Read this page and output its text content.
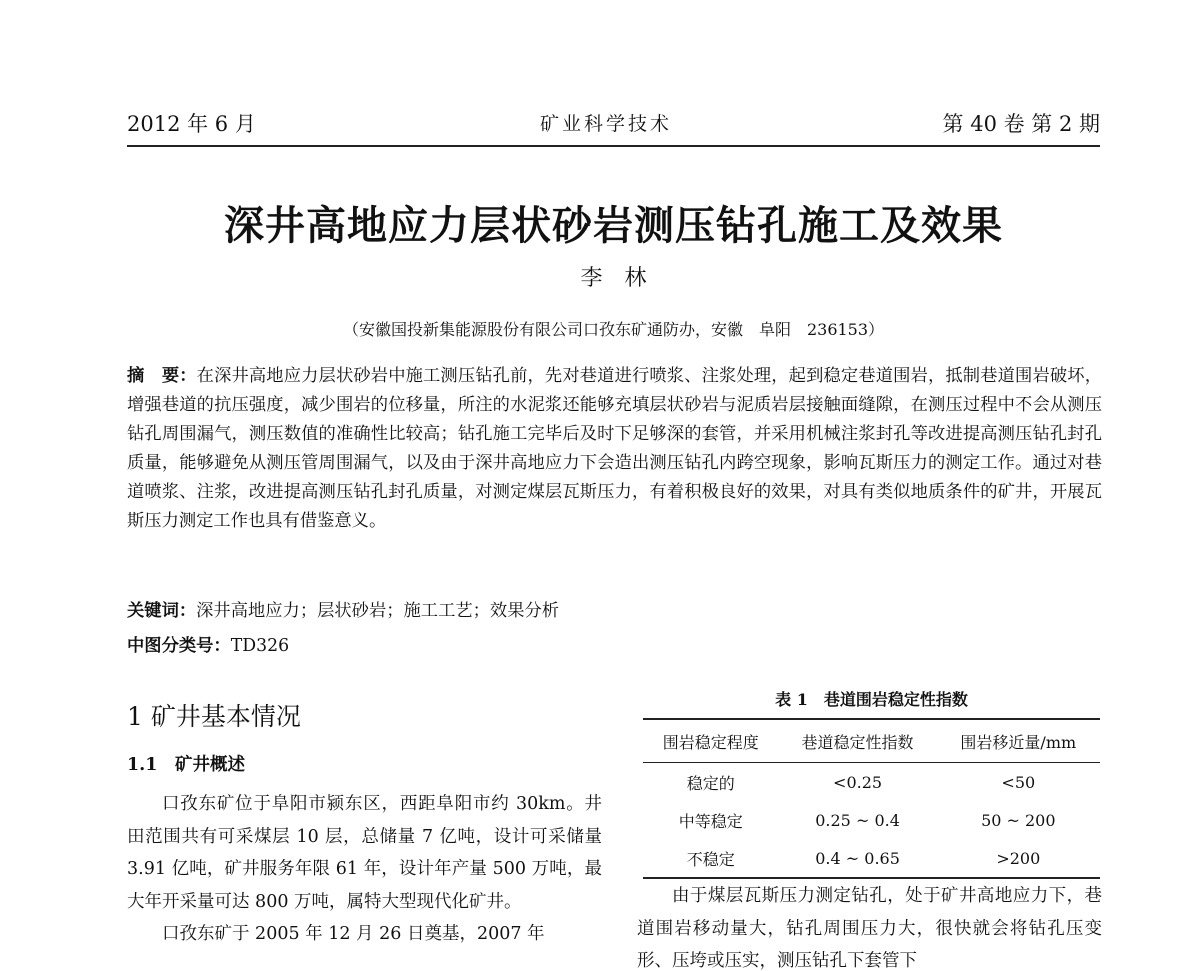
2012 年 6 月	矿业科学技术	第 40 卷 第 2 期
深井高地应力层状砂岩测压钻孔施工及效果
李　林
（安徽国投新集能源股份有限公司口孜东矿通防办，安徽　阜阳　236153）
摘　要：在深井高地应力层状砂岩中施工测压钻孔前，先对巷道进行喷浆、注浆处理，起到稳定巷道围岩，抵制巷道围岩破坏，增强巷道的抗压强度，减少围岩的位移量，所注的水泥浆还能够充填层状砂岩与泥质岩层接触面缝隙，在测压过程中不会从测压钻孔周围漏气，测压数值的准确性比较高；钻孔施工完毕后及时下足够深的套管，并采用机械注浆封孔等改进提高测压钻孔封孔质量，能够避免从测压管周围漏气，以及由于深井高地应力下会造出测压钻孔内跨空现象，影响瓦斯压力的测定工作。通过对巷道喷浆、注浆，改进提高测压钻孔封孔质量，对测定煤层瓦斯压力，有着积极良好的效果，对具有类似地质条件的矿井，开展瓦斯压力测定工作也具有借鉴意义。
关键词：深井高地应力；层状砂岩；施工工艺；效果分析
中图分类号：TD326
1 矿井基本情况
1.1　矿井概述

口孜东矿位于阜阳市颍东区，西距阜阳市约 30km。井田范围共有可采煤层 10 层，总储量 7 亿吨，设计可采储量 3.91 亿吨，矿井服务年限 61 年，设计年产量 500 万吨，最大年开采量可达 800 万吨，属特大型现代化矿井。

口孜东矿于 2005 年 12 月 26 日奠基，2007 年

表 1　巷道围岩稳定性指数
围岩稳定程度	巷道稳定性指数	围岩移近量/mm
稳定的	<0.25	<50
中等稳定	0.25 ~ 0.4	50 ~ 200
不稳定	0.4 ~ 0.65	>200

由于煤层瓦斯压力测定钻孔，处于矿井高地应力下，巷道围岩移动量大，钻孔周围压力大，很快就会将钻孔压变形、压垮或压实，测压钻孔下套管下
